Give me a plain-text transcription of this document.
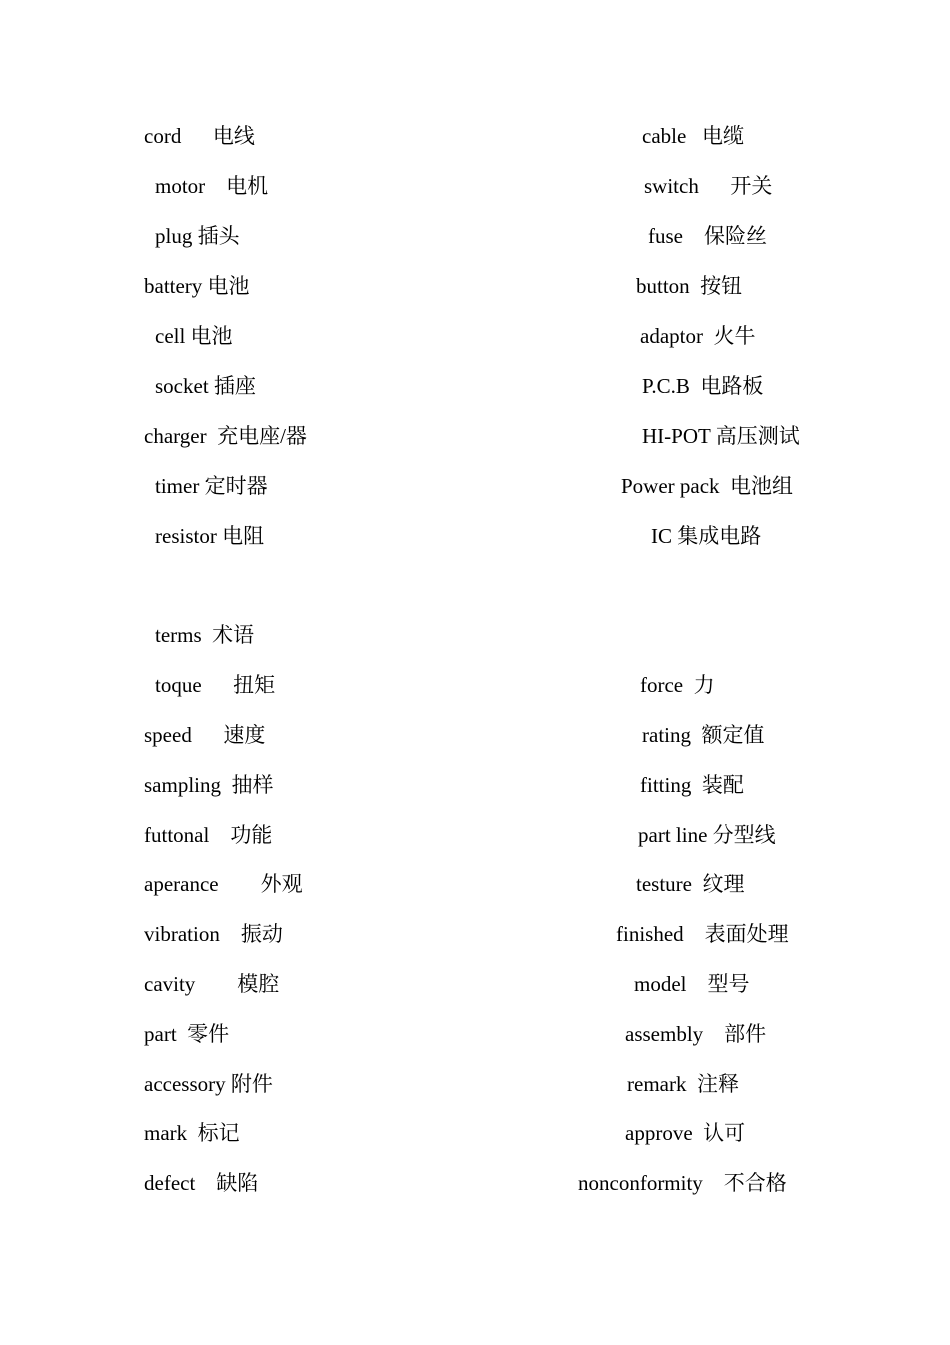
cord      电线	cable   电缆
motor    电机	switch      开关
plug 插头	fuse    保险丝
battery 电池	button  按钮
cell 电池	adaptor  火牛
socket 插座	P.C.B  电路板
charger  充电座/器	HI-POT 高压测试
timer 定时器	Power pack  电池组
resistor 电阻	IC 集成电路
terms  术语
toque      扭矩	force  力
speed      速度	rating  额定值
sampling  抽样	fitting  装配
futtonal    功能	part line 分型线
aperance        外观	testure  纹理
vibration    振动	finished    表面处理
cavity        模腔	model    型号
part  零件	assembly    部件
accessory 附件	remark  注释
mark  标记	approve  认可
defect    缺陷	nonconformity    不合格
